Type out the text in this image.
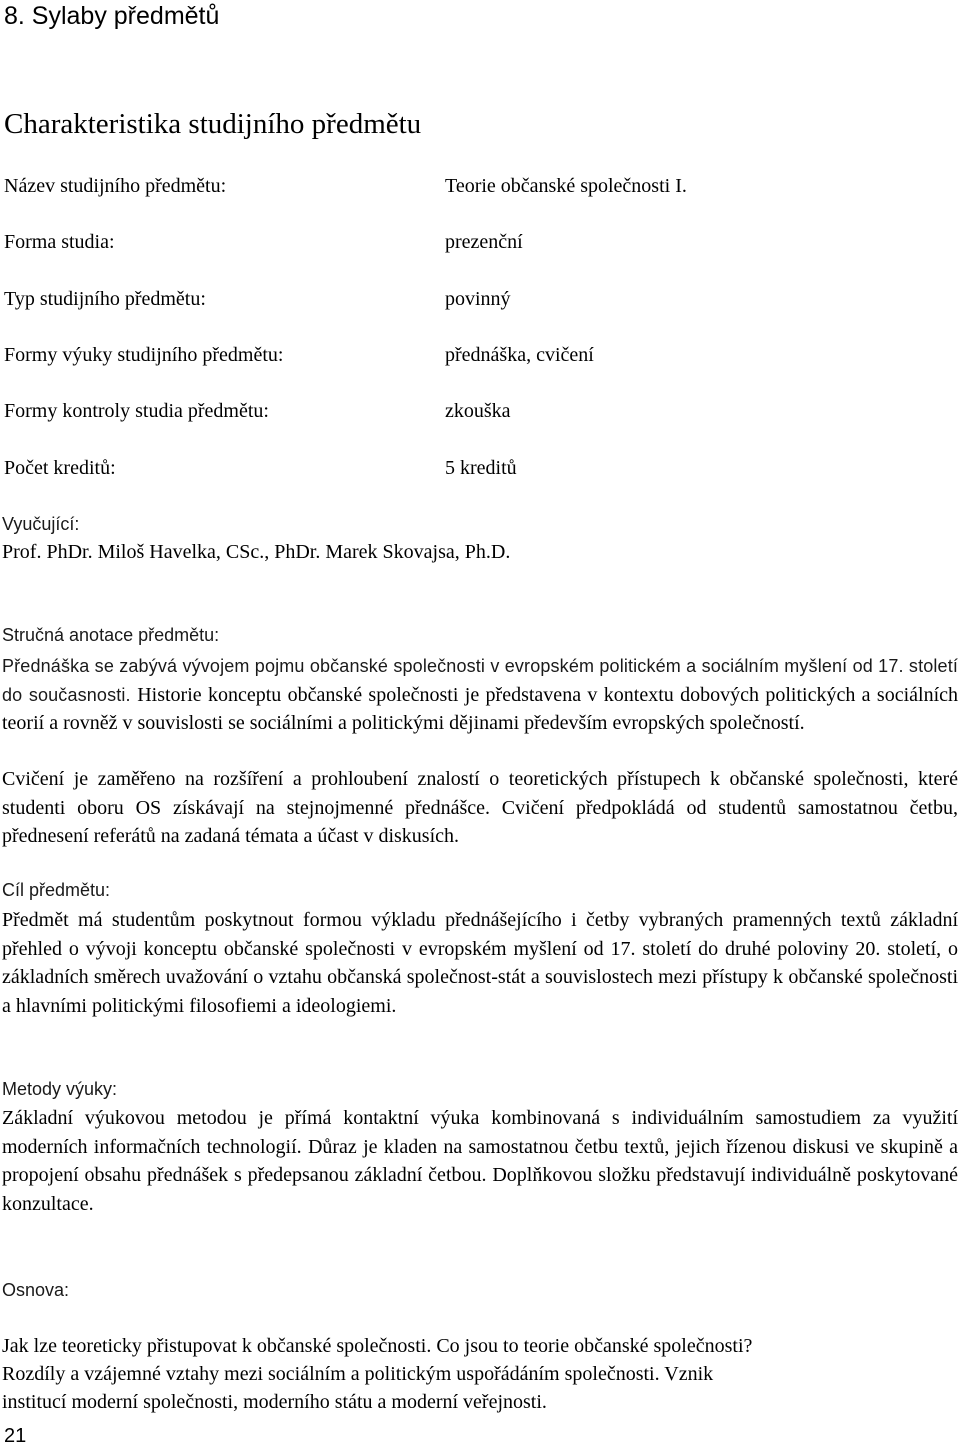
8. Sylaby předmětů
Charakteristika studijního předmětu
Název studijního předmětu:	Teorie občanské společnosti I.
Forma studia:	prezenční
Typ studijního předmětu:	povinný
Formy výuky studijního předmětu:	přednáška, cvičení
Formy kontroly studia předmětu:	zkouška
Počet kreditů:	5 kreditů
Vyučující:
Prof. PhDr. Miloš Havelka, CSc., PhDr. Marek Skovajsa, Ph.D.
Stručná anotace předmětu:

Přednáška se zabývá vývojem pojmu občanské společnosti v evropském politickém a sociálním myšlení od 17. století do současnosti. Historie konceptu občanské společnosti je představena v kontextu dobových politických a sociálních teorií a rovněž v souvislosti se sociálními a politickými dějinami především evropských společností.

Cvičení je zaměřeno na rozšíření a prohloubení znalostí o teoretických přístupech k občanské společnosti, které studenti oboru OS získávají na stejnojmenné přednášce. Cvičení předpokládá od studentů samostatnou četbu, přednesení referátů na zadaná témata a účast v diskusích.

Cíl předmětu:

Předmět má studentům poskytnout formou výkladu přednášejícího i četby vybraných pramenných textů základní přehled o vývoji konceptu občanské společnosti v evropském myšlení od 17. století do druhé poloviny 20. století, o základních směrech uvažování o vztahu občanská společnost-stát a souvislostech mezi přístupy k občanské společnosti a hlavními politickými filosofiemi a ideologiemi.

Metody výuky:

Základní výukovou metodou je přímá kontaktní výuka kombinovaná s individuálním samostudiem za využití moderních informačních technologií. Důraz je kladen na samostatnou četbu textů, jejich řízenou diskusi ve skupině a propojení obsahu přednášek s předepsanou základní četbou. Doplňkovou složku představují individuálně poskytované konzultace.

Osnova:
Jak lze teoreticky přistupovat k občanské společnosti. Co jsou to teorie občanské společnosti?
Rozdíly a vzájemné vztahy mezi sociálním a politickým uspořádáním společnosti. Vznik
institucí moderní společnosti, moderního státu a moderní veřejnosti.
21
